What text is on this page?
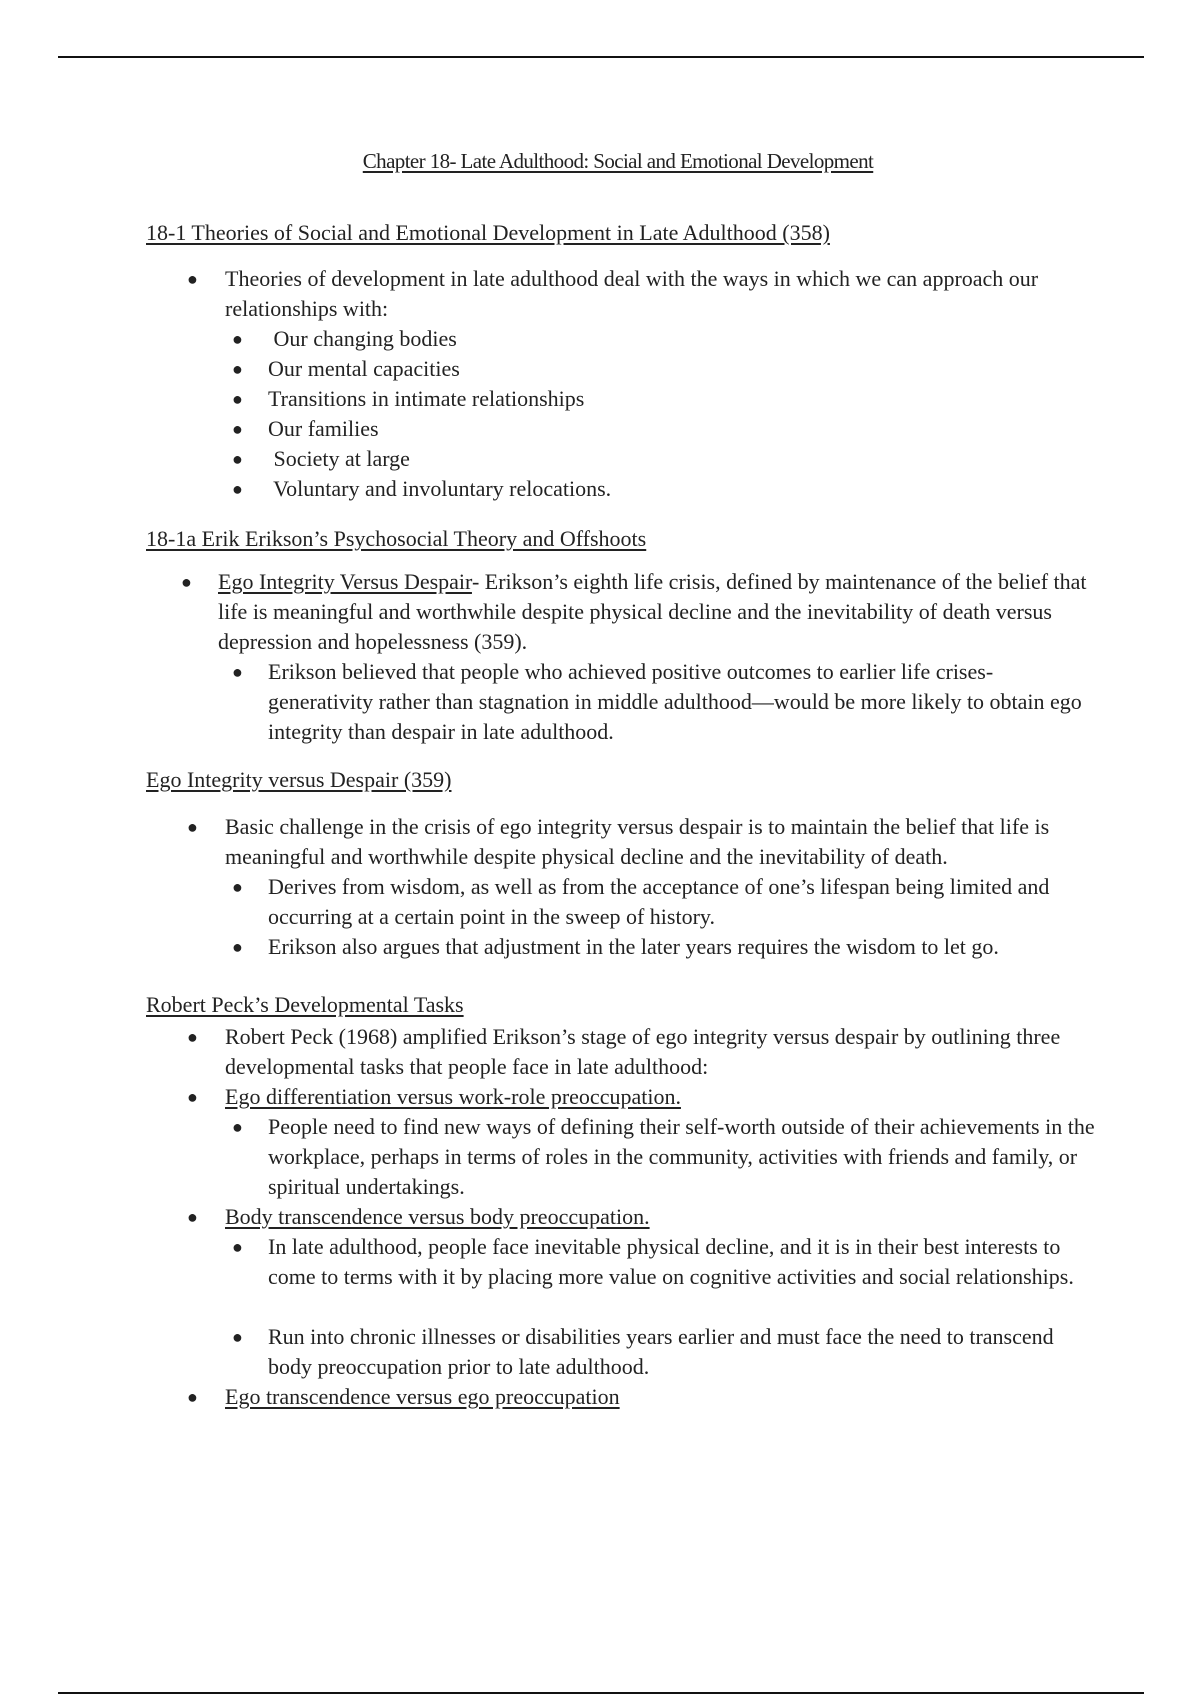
Chapter 18- Late Adulthood: Social and Emotional Development
18-1 Theories of Social and Emotional Development in Late Adulthood (358)
● Theories of development in late adulthood deal with the ways in which we can approach our relationships with:
● Our changing bodies
● Our mental capacities
● Transitions in intimate relationships
● Our families
● Society at large
● Voluntary and involuntary relocations.
18-1a Erik Erikson’s Psychosocial Theory and Offshoots
● Ego Integrity Versus Despair- Erikson’s eighth life crisis, defined by maintenance of the belief that life is meaningful and worthwhile despite physical decline and the inevitability of death versus depression and hopelessness (359).
● Erikson believed that people who achieved positive outcomes to earlier life crises-generativity rather than stagnation in middle adulthood—would be more likely to obtain ego integrity than despair in late adulthood.
Ego Integrity versus Despair (359)
● Basic challenge in the crisis of ego integrity versus despair is to maintain the belief that life is meaningful and worthwhile despite physical decline and the inevitability of death.
● Derives from wisdom, as well as from the acceptance of one’s lifespan being limited and occurring at a certain point in the sweep of history.
● Erikson also argues that adjustment in the later years requires the wisdom to let go.
Robert Peck’s Developmental Tasks
● Robert Peck (1968) amplified Erikson’s stage of ego integrity versus despair by outlining three developmental tasks that people face in late adulthood:
● Ego differentiation versus work-role preoccupation.
● People need to find new ways of defining their self-worth outside of their achievements in the workplace, perhaps in terms of roles in the community, activities with friends and family, or spiritual undertakings.
● Body transcendence versus body preoccupation.
● In late adulthood, people face inevitable physical decline, and it is in their best interests to come to terms with it by placing more value on cognitive activities and social relationships.
● Run into chronic illnesses or disabilities years earlier and must face the need to transcend body preoccupation prior to late adulthood.
● Ego transcendence versus ego preoccupation
